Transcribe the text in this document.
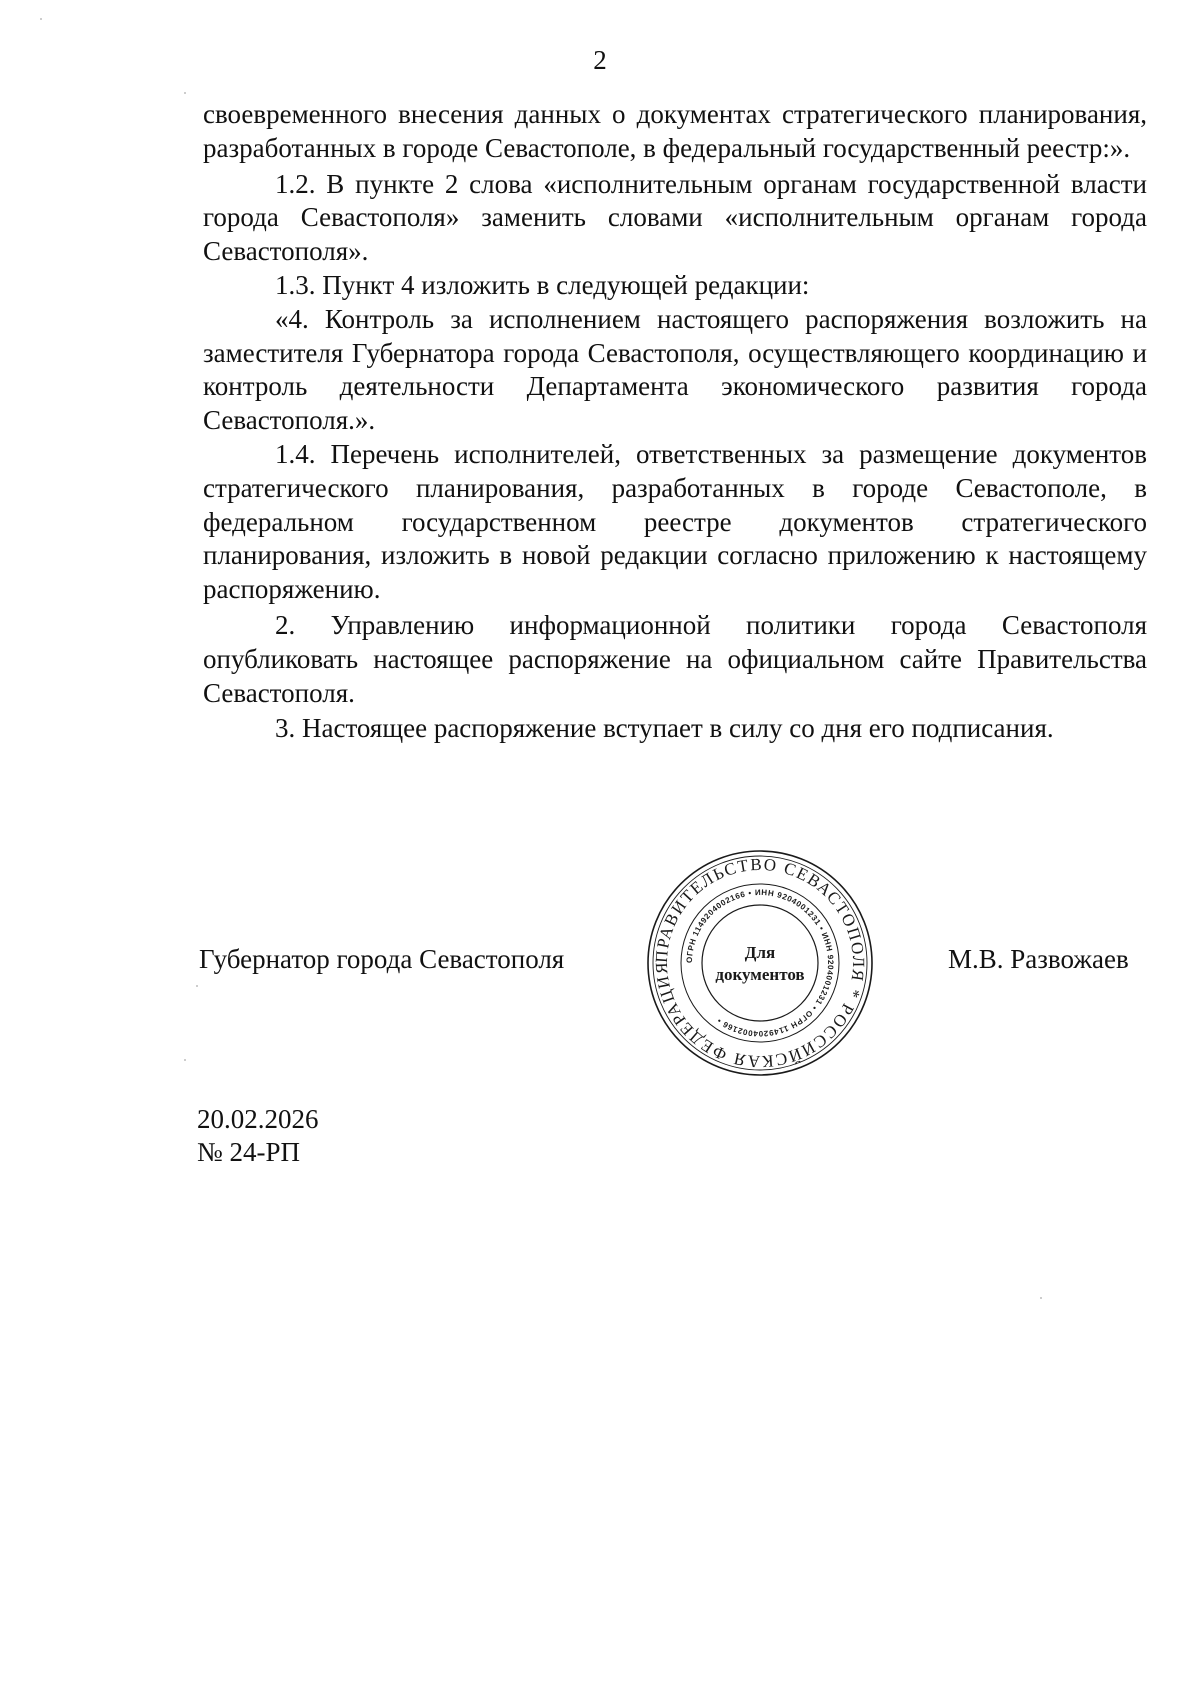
2

своевременного внесения данных о документах стратегического планирования, разработанных в городе Севастополе, в федеральный государственный реестр:».

1.2. В пункте 2 слова «исполнительным органам государственной власти города Севастополя» заменить словами «исполнительным органам города Севастополя».

1.3. Пункт 4 изложить в следующей редакции:

«4. Контроль за исполнением настоящего распоряжения возложить на заместителя Губернатора города Севастополя, осуществляющего координацию и контроль деятельности Департамента экономического развития города Севастополя.».

1.4. Перечень исполнителей, ответственных за размещение документов стратегического планирования, разработанных в городе Севастополе, в федеральном государственном реестре документов стратегического планирования, изложить в новой редакции согласно приложению к настоящему распоряжению.

2. Управлению информационной политики города Севастополя опубликовать настоящее распоряжение на официальном сайте Правительства Севастополя.

3. Настоящее распоряжение вступает в силу со дня его подписания.

Губернатор города Севастополя	ПРАВИТЕЛЬСТВО СЕВАСТОПОЛЯ * РОССИЙСКАЯ ФЕДЕРАЦИЯ
ОГРН 1149204002166 • ИНН 9204001231 • ИНН 9204001231 • ОГРН 1149204002166 •
Для
документов
М.В. Развожаев
20.02.2026
№ 24-РП
